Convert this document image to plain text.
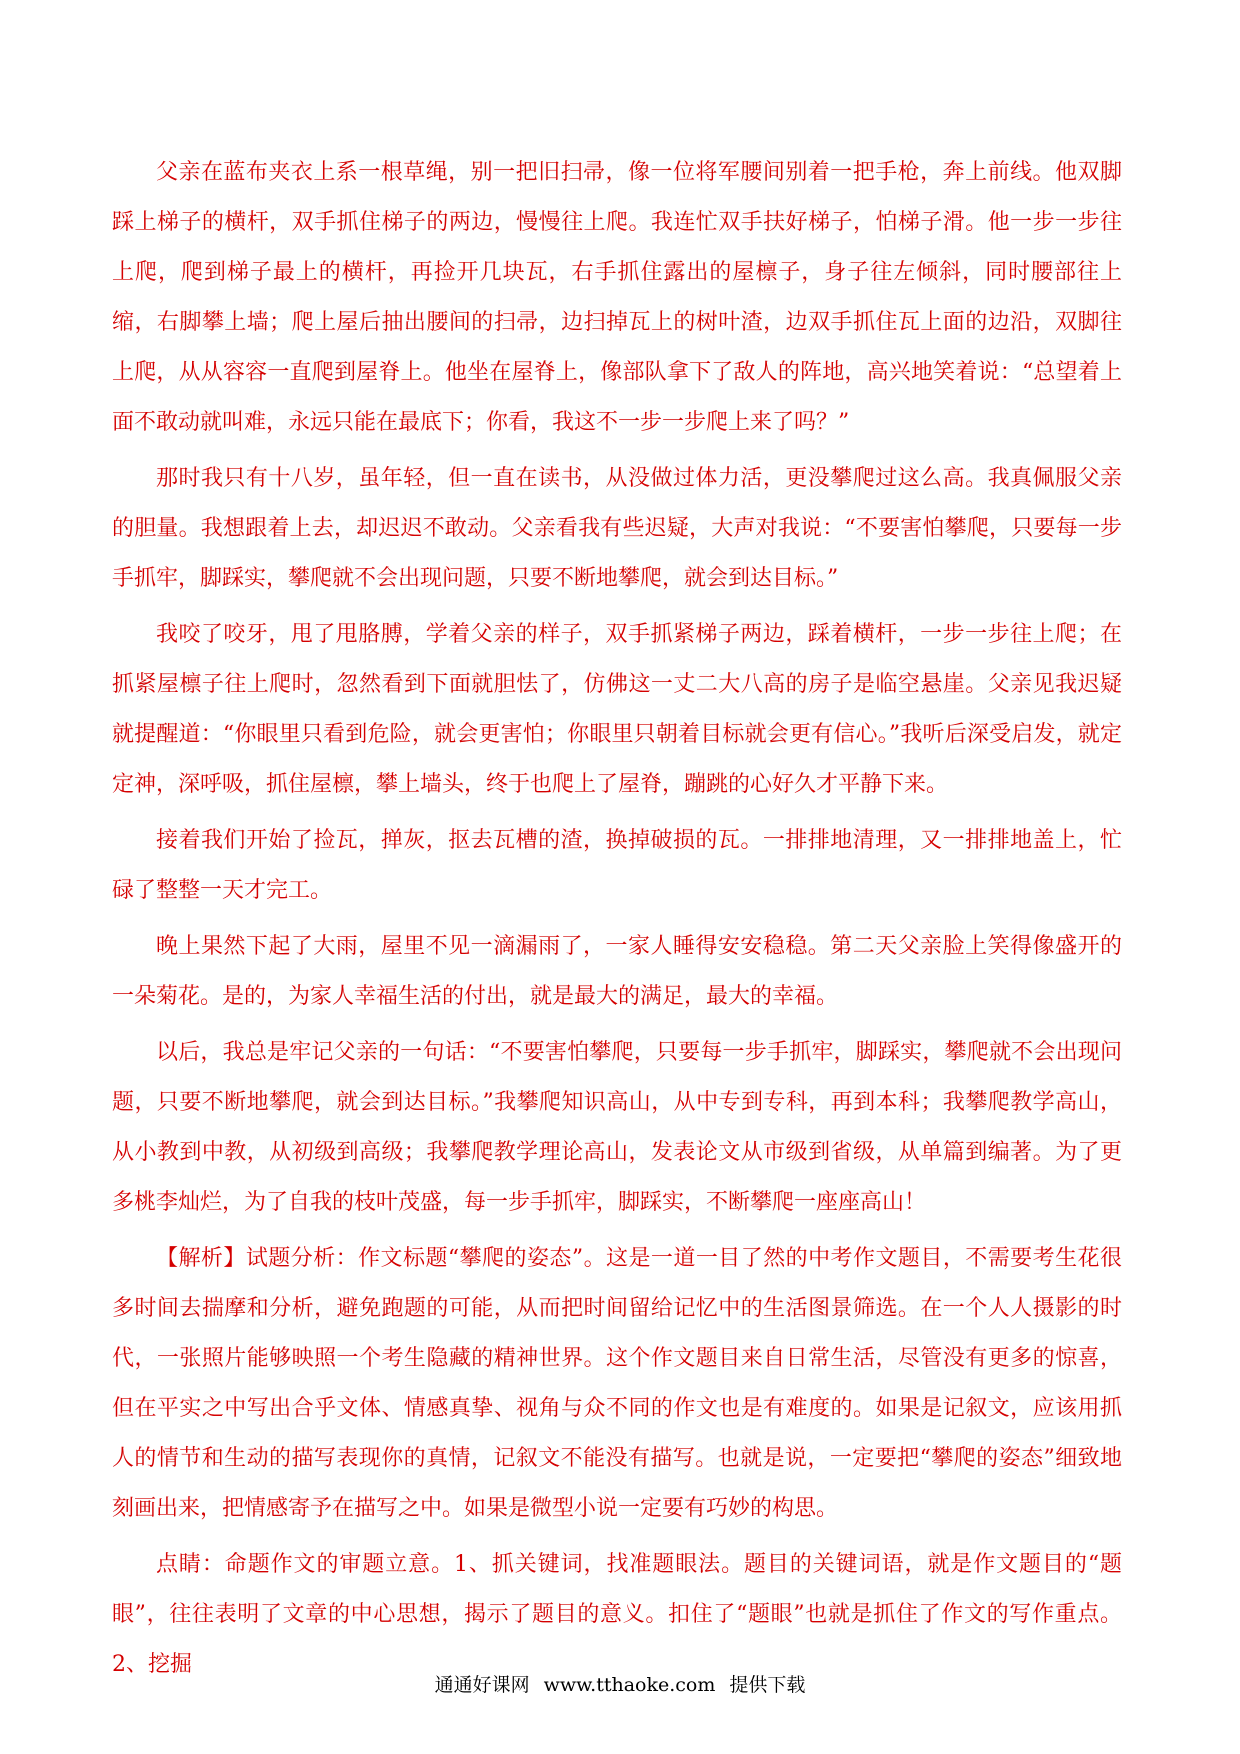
父亲在蓝布夹衣上系一根草绳，别一把旧扫帚，像一位将军腰间别着一把手枪，奔上前线。他双脚踩上梯子的横杆，双手抓住梯子的两边，慢慢往上爬。我连忙双手扶好梯子，怕梯子滑。他一步一步往上爬，爬到梯子最上的横杆，再捡开几块瓦，右手抓住露出的屋檩子，身子往左倾斜，同时腰部往上缩，右脚攀上墙；爬上屋后抽出腰间的扫帚，边扫掉瓦上的树叶渣，边双手抓住瓦上面的边沿，双脚往上爬，从从容容一直爬到屋脊上。他坐在屋脊上，像部队拿下了敌人的阵地，高兴地笑着说：“总望着上面不敢动就叫难，永远只能在最底下；你看，我这不一步一步爬上来了吗？”

那时我只有十八岁，虽年轻，但一直在读书，从没做过体力活，更没攀爬过这么高。我真佩服父亲的胆量。我想跟着上去，却迟迟不敢动。父亲看我有些迟疑，大声对我说：“不要害怕攀爬，只要每一步手抓牢，脚踩实，攀爬就不会出现问题，只要不断地攀爬，就会到达目标。”

我咬了咬牙，甩了甩胳膊，学着父亲的样子，双手抓紧梯子两边，踩着横杆，一步一步往上爬；在抓紧屋檩子往上爬时，忽然看到下面就胆怯了，仿佛这一丈二大八高的房子是临空悬崖。父亲见我迟疑就提醒道：“你眼里只看到危险，就会更害怕；你眼里只朝着目标就会更有信心。”我听后深受启发，就定定神，深呼吸，抓住屋檩，攀上墙头，终于也爬上了屋脊，蹦跳的心好久才平静下来。

接着我们开始了捡瓦，掸灰，抠去瓦槽的渣，换掉破损的瓦。一排排地清理，又一排排地盖上，忙碌了整整一天才完工。

晚上果然下起了大雨，屋里不见一滴漏雨了，一家人睡得安安稳稳。第二天父亲脸上笑得像盛开的一朵菊花。是的，为家人幸福生活的付出，就是最大的满足，最大的幸福。

以后，我总是牢记父亲的一句话：“不要害怕攀爬，只要每一步手抓牢，脚踩实，攀爬就不会出现问题，只要不断地攀爬，就会到达目标。”我攀爬知识高山，从中专到专科，再到本科；我攀爬教学高山，从小教到中教，从初级到高级；我攀爬教学理论高山，发表论文从市级到省级，从单篇到编著。为了更多桃李灿烂，为了自我的枝叶茂盛，每一步手抓牢，脚踩实，不断攀爬一座座高山！

【解析】试题分析：作文标题“攀爬的姿态”。这是一道一目了然的中考作文题目，不需要考生花很多时间去揣摩和分析，避免跑题的可能，从而把时间留给记忆中的生活图景筛选。在一个人人摄影的时代，一张照片能够映照一个考生隐藏的精神世界。这个作文题目来自日常生活，尽管没有更多的惊喜，但在平实之中写出合乎文体、情感真挚、视角与众不同的作文也是有难度的。如果是记叙文，应该用抓人的情节和生动的描写表现你的真情，记叙文不能没有描写。也就是说，一定要把“攀爬的姿态”细致地刻画出来，把情感寄予在描写之中。如果是微型小说一定要有巧妙的构思。

点睛：命题作文的审题立意。1、抓关键词，找准题眼法。题目的关键词语，就是作文题目的“题眼”，往往表明了文章的中心思想，揭示了题目的意义。扣住了“题眼”也就是抓住了作文的写作重点。2、挖掘

通通好课网 www.tthaoke.com 提供下载
